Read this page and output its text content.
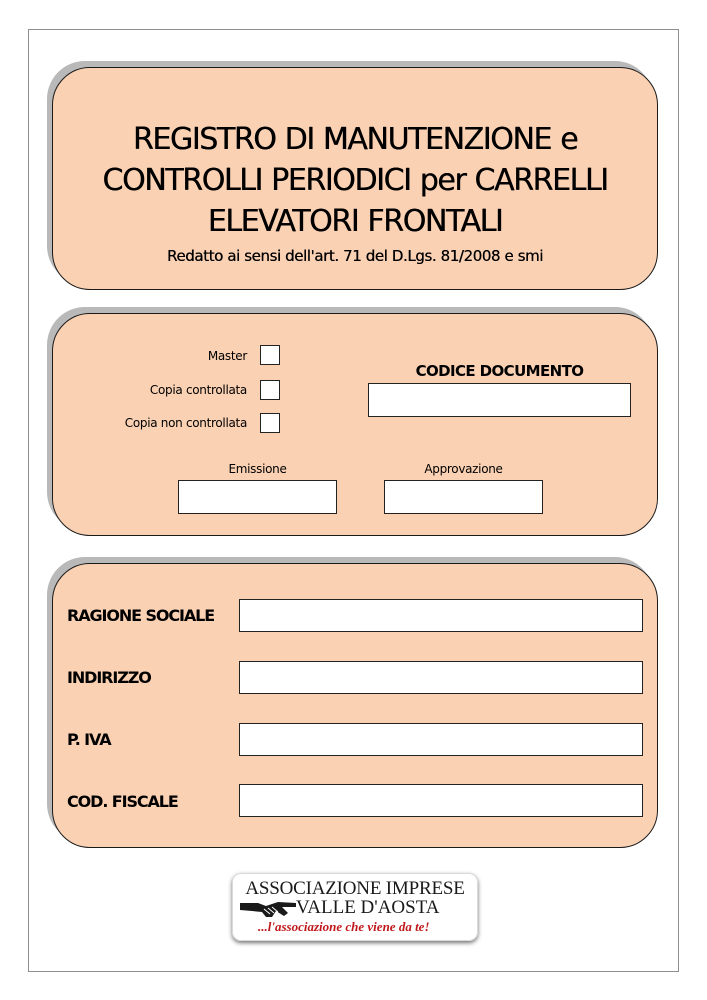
REGISTRO DI MANUTENZIONE e
CONTROLLI PERIODICI per CARRELLI
ELEVATORI FRONTALI
Redatto ai sensi dell'art. 71 del D.Lgs. 81/2008 e smi
Master
Copia controllata
Copia non controllata
CODICE DOCUMENTO
Emissione	Approvazione
RAGIONE SOCIALE
INDIRIZZO
P. IVA
COD. FISCALE
ASSOCIAZIONE IMPRESE
VALLE D'AOSTA
...l'associazione che viene da te!
